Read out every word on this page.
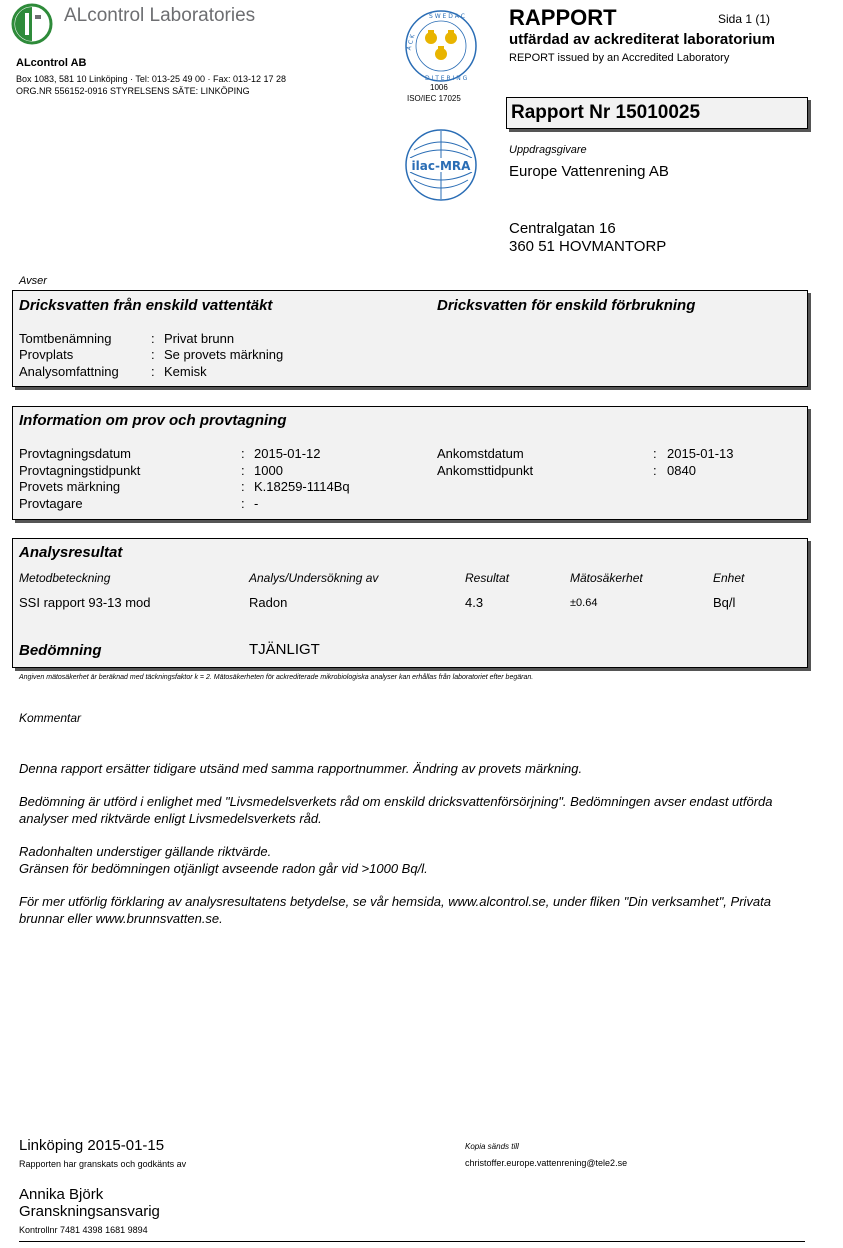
ALcontrol Laboratories
ALcontrol AB
Box 1083, 581 10 Linköping · Tel: 013-25 49 00 · Fax: 013-12 17 28
ORG.NR 556152-0916 STYRELSENS SÄTE: LINKÖPING
S W E D A C
A C K
D I T E R I N G
1006
ISO/IEC 17025
ilac-MRA
RAPPORT	Sida 1 (1)
utfärdad av ackrediterat laboratorium
REPORT issued by an Accredited Laboratory
Rapport Nr 15010025
Uppdragsgivare
Europe Vattenrening AB
Centralgatan 16
360 51 HOVMANTORP
Avser
Dricksvatten från enskild vattentäkt	Dricksvatten för enskild förbrukning
Tomtbenämning	: Privat brunn
Provplats	: Se provets märkning
Analysomfattning : Kemisk
Information om prov och provtagning
Provtagningsdatum	: 2015-01-12
Provtagningstidpunkt	: 1000
Provets märkning	: K.18259-1114Bq
Provtagare	: -
Ankomstdatum	: 2015-01-13
Ankomsttidpunkt	: 0840
Analysresultat
Metodbeteckning	Analys/Undersökning av	Resultat	Mätosäkerhet	Enhet
SSI rapport 93-13 mod	Radon	4.3	±0.64	Bq/l
Bedömning	TJÄNLIGT
Angiven mätosäkerhet är beräknad med täckningsfaktor k = 2. Mätosäkerheten för ackrediterade mikrobiologiska analyser kan erhållas från laboratoriet efter begäran.
Kommentar

Denna rapport ersätter tidigare utsänd med samma rapportnummer. Ändring av provets märkning.

Bedömning är utförd i enlighet med "Livsmedelsverkets råd om enskild dricksvattenförsörjning". Bedömningen avser endast utförda analyser med riktvärde enligt Livsmedelsverkets råd.

Radonhalten understiger gällande riktvärde.
Gränsen för bedömningen otjänligt avseende radon går vid >1000 Bq/l.

För mer utförlig förklaring av analysresultatens betydelse, se vår hemsida, www.alcontrol.se, under fliken "Din verksamhet", Privata brunnar eller www.brunnsvatten.se.

Linköping 2015-01-15
Rapporten har granskats och godkänts av
Annika Björk
Granskningsansvarig
Kontrollnr 7481 4398 1681 9894
Kopia sänds till
christoffer.europe.vattenrening@tele2.se
